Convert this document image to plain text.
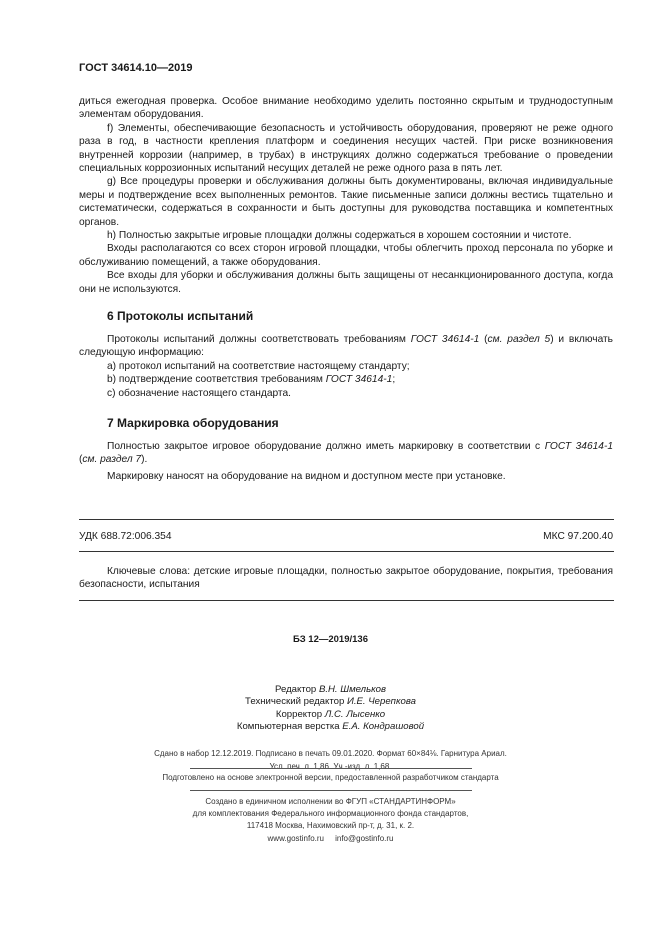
ГОСТ 34614.10—2019

диться ежегодная проверка. Особое внимание необходимо уделить постоянно скрытым и труднодоступным элементам оборудования.

f) Элементы, обеспечивающие безопасность и устойчивость оборудования, проверяют не реже одного раза в год, в частности крепления платформ и соединения несущих частей. При риске возникновения внутренней коррозии (например, в трубах) в инструкциях должно содержаться требование о проведении специальных коррозионных испытаний несущих деталей не реже одного раза в пять лет.

g) Все процедуры проверки и обслуживания должны быть документированы, включая индивидуальные меры и подтверждение всех выполненных ремонтов. Такие письменные записи должны вестись тщательно и систематически, содержаться в сохранности и быть доступны для руководства поставщика и компетентных органов.

h) Полностью закрытые игровые площадки должны содержаться в хорошем состоянии и чистоте.

Входы располагаются со всех сторон игровой площадки, чтобы облегчить проход персонала по уборке и обслуживанию помещений, а также оборудования.

Все входы для уборки и обслуживания должны быть защищены от несанкционированного доступа, когда они не используются.

6 Протоколы испытаний

Протоколы испытаний должны соответствовать требованиям ГОСТ 34614-1 (см. раздел 5) и включать следующую информацию:

a) протокол испытаний на соответствие настоящему стандарту;

b) подтверждение соответствия требованиям ГОСТ 34614-1;

c) обозначение настоящего стандарта.

7 Маркировка оборудования

Полностью закрытое игровое оборудование должно иметь маркировку в соответствии с ГОСТ 34614-1 (см. раздел 7).

Маркировку наносят на оборудование на видном и доступном месте при установке.

УДК 688.72:006.354	МКС 97.200.40

Ключевые слова: детские игровые площадки, полностью закрытое оборудование, покрытия, требования безопасности, испытания

БЗ 12—2019/136
Редактор В.Н. Шмельков
Технический редактор И.Е. Черепкова
Корректор Л.С. Лысенко
Компьютерная верстка Е.А. Кондрашовой
Сдано в набор 12.12.2019. Подписано в печать 09.01.2020. Формат 60×84⅛. Гарнитура Ариал.
Усл. печ. л. 1,86. Уч.-изд. л. 1,68.
Подготовлено на основе электронной версии, предоставленной разработчиком стандарта
Создано в единичном исполнении во ФГУП «СТАНДАРТИНФОРМ»
для комплектования Федерального информационного фонда стандартов,
117418 Москва, Нахимовский пр-т, д. 31, к. 2.
www.gostinfo.ru info@gostinfo.ru
